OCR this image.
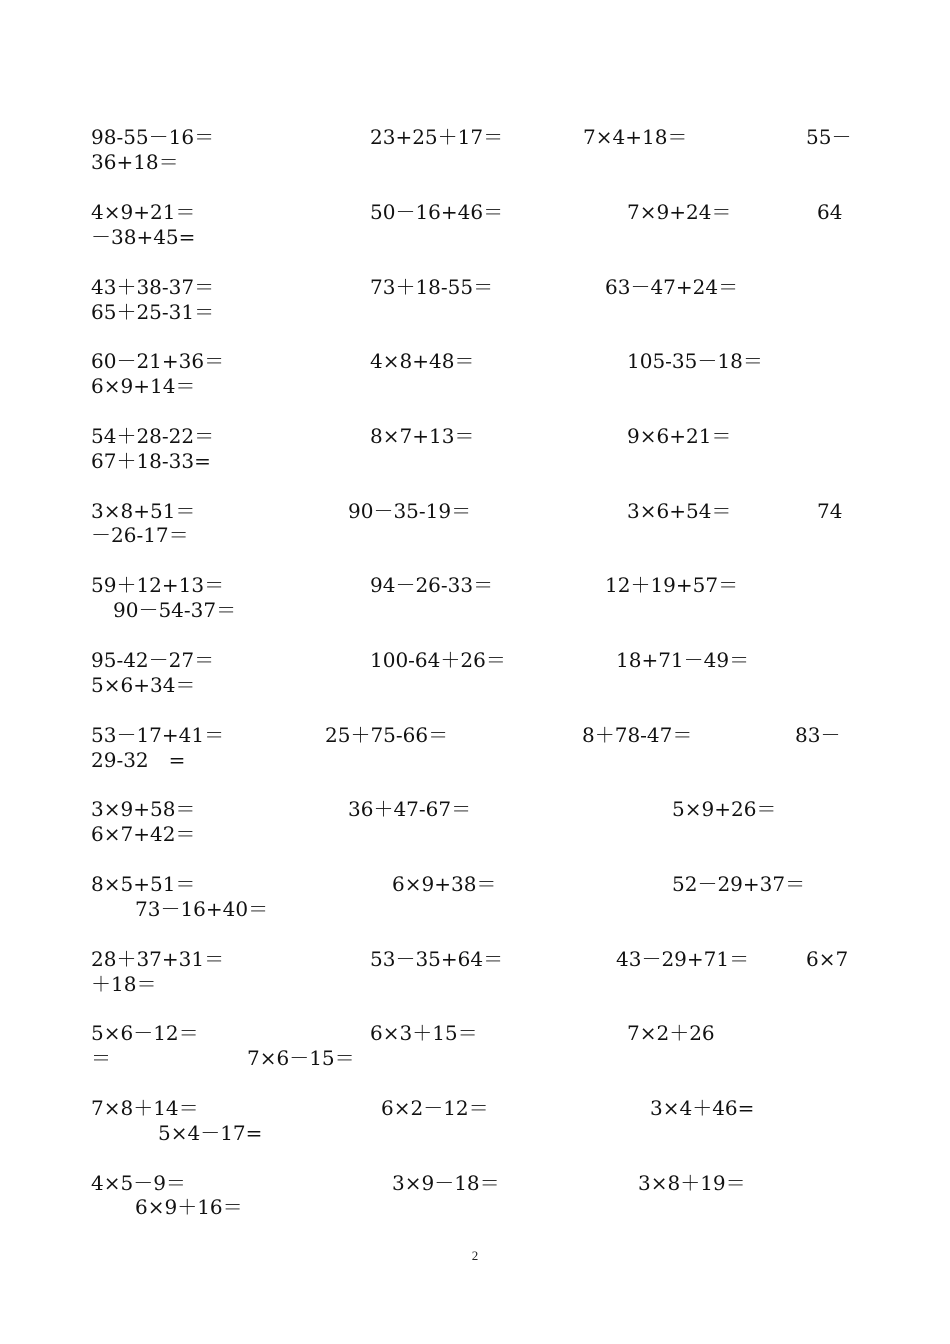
98-55－16＝	23+25＋17＝	7×4+18＝	55－
36+18＝
4×9+21＝	50－16+46＝	7×9+24＝	64
－38+45=
43＋38-37＝	73＋18-55＝	63－47+24＝
65＋25-31＝
60－21+36＝	4×8+48＝	105-35－18＝
6×9+14＝
54＋28-22＝	8×7+13＝	9×6+21＝
67＋18-33=
3×8+51＝	90－35-19＝	3×6+54＝	74
－26-17＝
59＋12+13＝	94－26-33＝	12＋19+57＝
90－54-37＝
95-42－27＝	100-64＋26＝	18+71－49＝
5×6+34＝
53－17+41＝	25＋75-66＝	8＋78-47＝	83－
29-32　=
3×9+58＝	36＋47-67＝	5×9+26＝
6×7+42＝
8×5+51＝	6×9+38＝	52－29+37＝
73－16+40＝
28＋37+31＝	53－35+64＝	43－29+71＝	6×7
＋18＝
5×6－12＝	6×3＋15＝	7×2＋26
＝	7×6－15＝
7×8＋14＝	6×2－12＝	3×4＋46=
5×4－17=
4×5－9＝	3×9－18＝	3×8＋19＝
6×9＋16＝
2
